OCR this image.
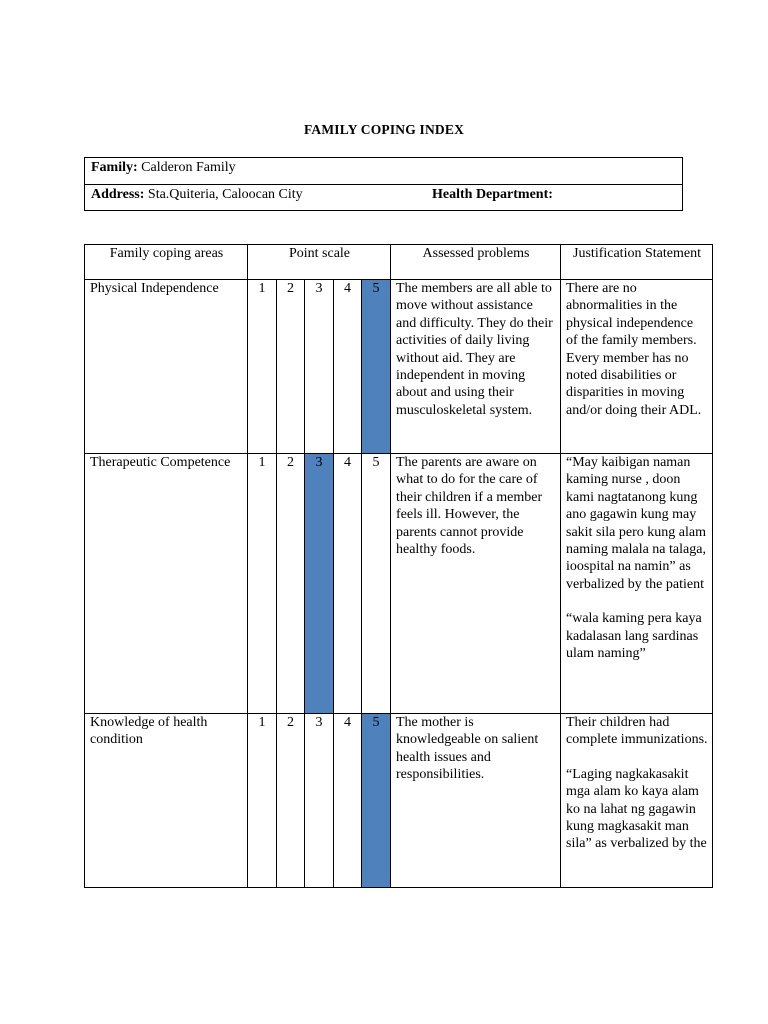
FAMILY COPING INDEX
Family: Calderon Family
Address: Sta.Quiteria, Caloocan City	Health Department:
Family coping areas	Point scale					Assessed problems	Justification Statement
Physical Independence	1	2	3	4	5	The members are all able to move without assistance and difficulty. They do their activities of daily living without aid. They are independent in moving about and using their musculoskeletal system.	There are no abnormalities in the physical independence of the family members. Every member has no noted disabilities or disparities in moving and/or doing their ADL.
Therapeutic Competence	1	2	3	4	5	The parents are aware on what to do for the care of their children if a member feels ill. However, the parents cannot provide healthy foods.	“May kaibigan naman kaming nurse , doon kami nagtatanong kung ano gagawin kung may sakit sila pero kung alam naming malala na talaga, ioospital na namin” as verbalized by the patient
“wala kaming pera kaya kadalasan lang sardinas ulam naming”

Knowledge of health condition	1	2	3	4	5	The mother is knowledgeable on salient health issues and responsibilities.	Their children had complete immunizations.
“Laging nagkakasakit mga alam ko kaya alam ko na lahat ng gagawin kung magkasakit man sila” as verbalized by the
